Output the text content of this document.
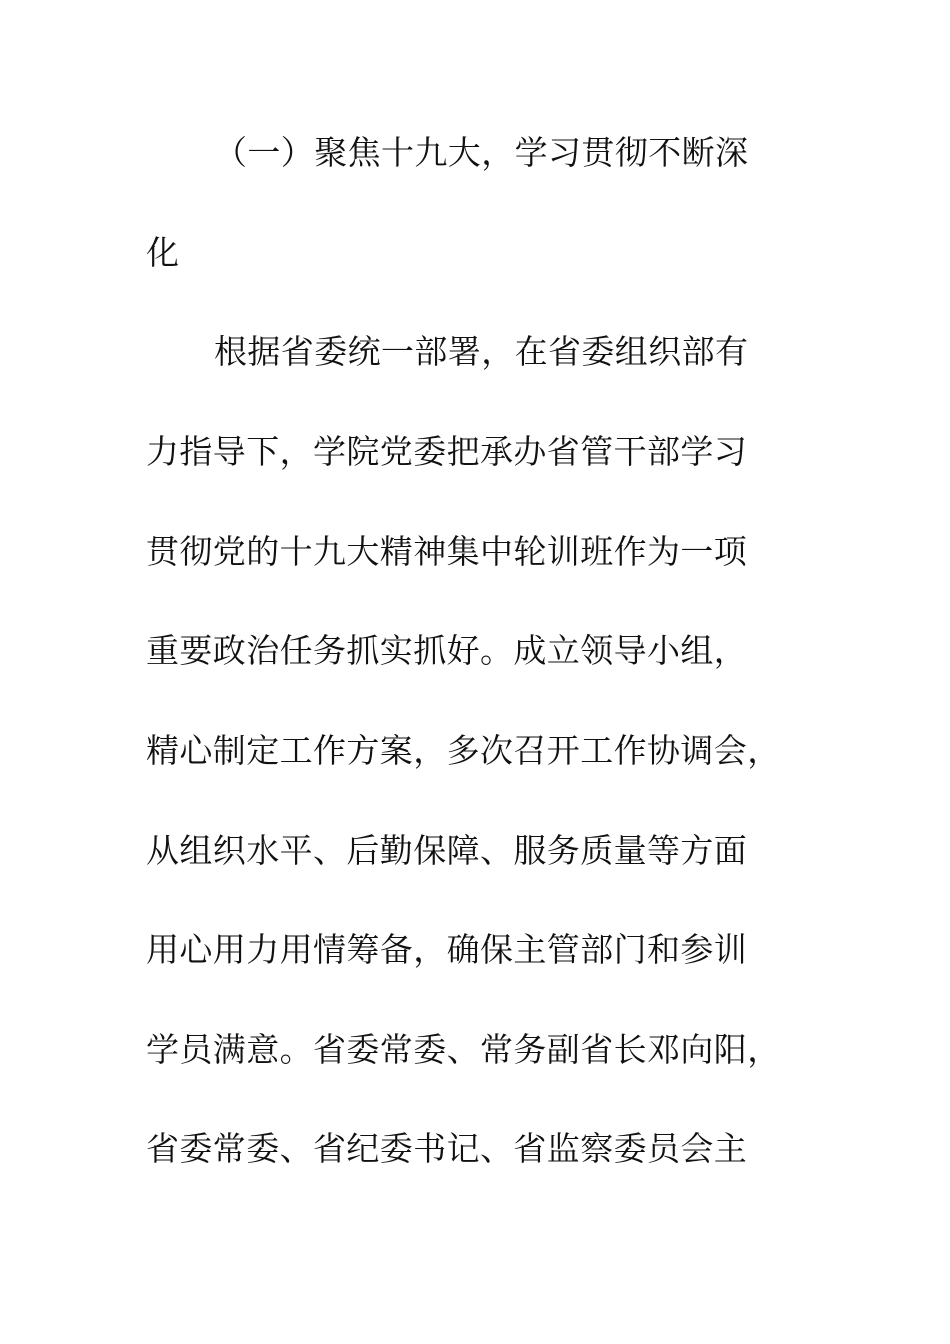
（一）聚焦十九大，学习贯彻不断深
化
根据省委统一部署，在省委组织部有
力指导下，学院党委把承办省管干部学习
贯彻党的十九大精神集中轮训班作为一项
重要政治任务抓实抓好。成立领导小组，
精心制定工作方案，多次召开工作协调会，
从组织水平、后勤保障、服务质量等方面
用心用力用情筹备，确保主管部门和参训
学员满意。省委常委、常务副省长邓向阳，
省委常委、省纪委书记、省监察委员会主
